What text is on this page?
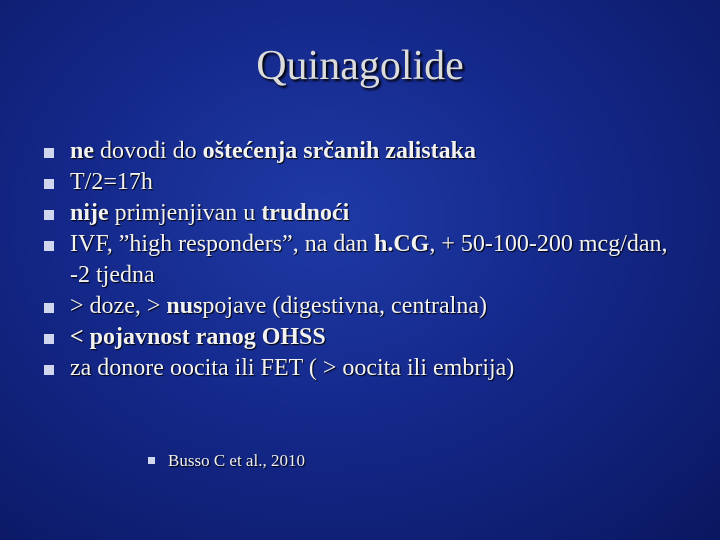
Quinagolide
ne dovodi do oštećenja srčanih zalistaka
T/2=17h
nije primjenjivan u trudnoći
IVF, ”high responders”, na dan h.CG, + 50-100-200 mcg/dan, -2 tjedna
> doze, > nuspojave (digestivna, centralna)
< pojavnost ranog OHSS
za donore oocita ili FET ( > oocita ili embrija)
Busso C et al., 2010
